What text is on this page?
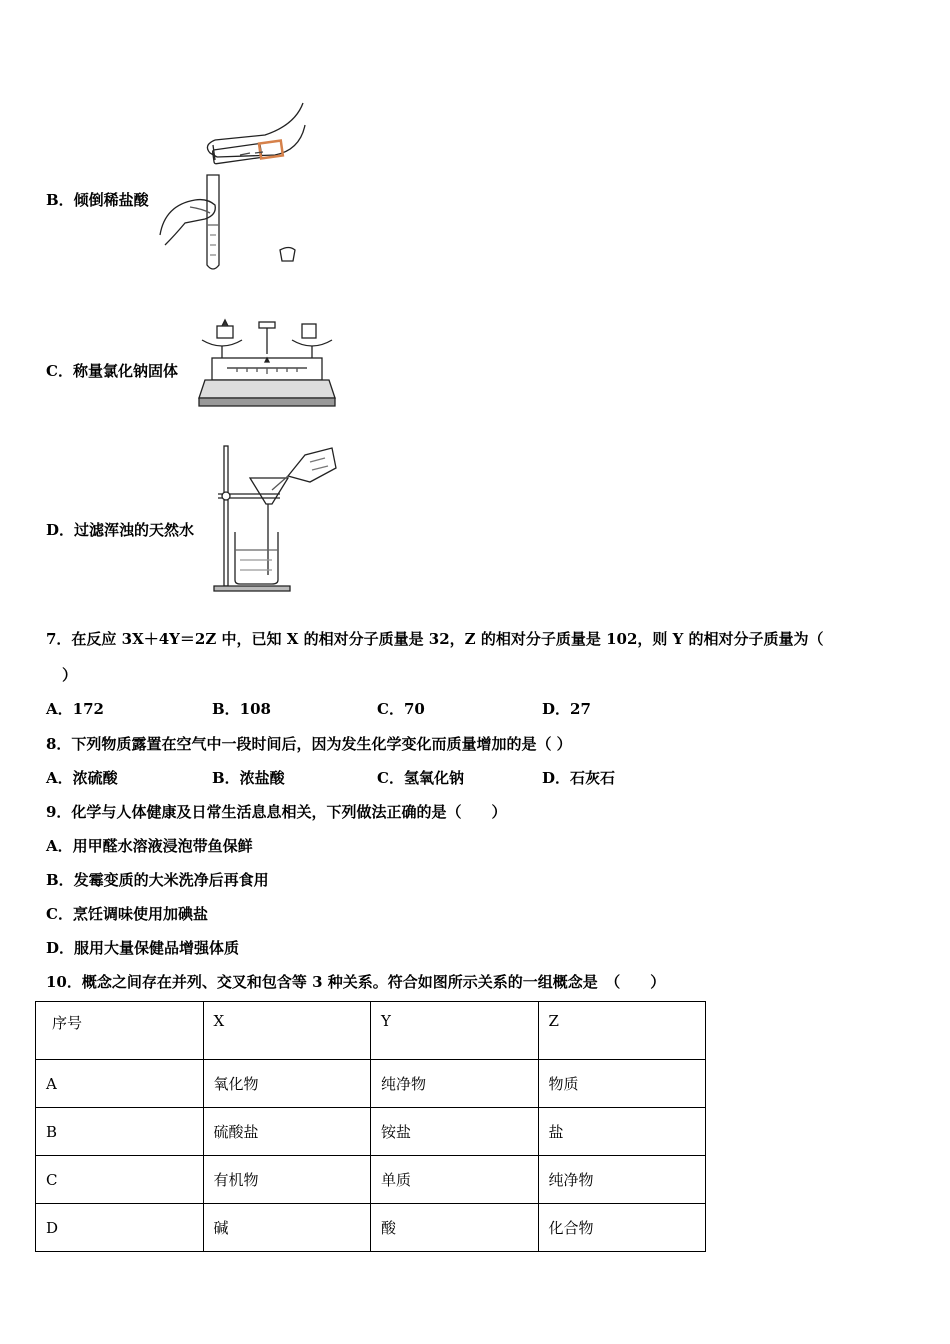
B．倾倒稀盐酸
C．称量氯化钠固体
D．过滤浑浊的天然水
7．在反应 3X＋4Y＝2Z 中，已知 X 的相对分子质量是 32，Z 的相对分子质量是 102，则 Y 的相对分子质量为（
）
A．172	B．108	C．70	D．27
8．下列物质露置在空气中一段时间后，因为发生化学变化而质量增加的是（ ）
A．浓硫酸	B．浓盐酸	C．氢氧化钠	D．石灰石
9．化学与人体健康及日常生活息息相关，下列做法正确的是（　　）
A．用甲醛水溶液浸泡带鱼保鲜
B．发霉变质的大米洗净后再食用
C．烹饪调味使用加碘盐
D．服用大量保健品增强体质
10．概念之间存在并列、交叉和包含等 3 种关系。符合如图所示关系的一组概念是　（　　）
序号	X	Y	Z
A	氧化物	纯净物	物质
B	硫酸盐	铵盐	盐
C	有机物	单质	纯净物
D	碱	酸	化合物
